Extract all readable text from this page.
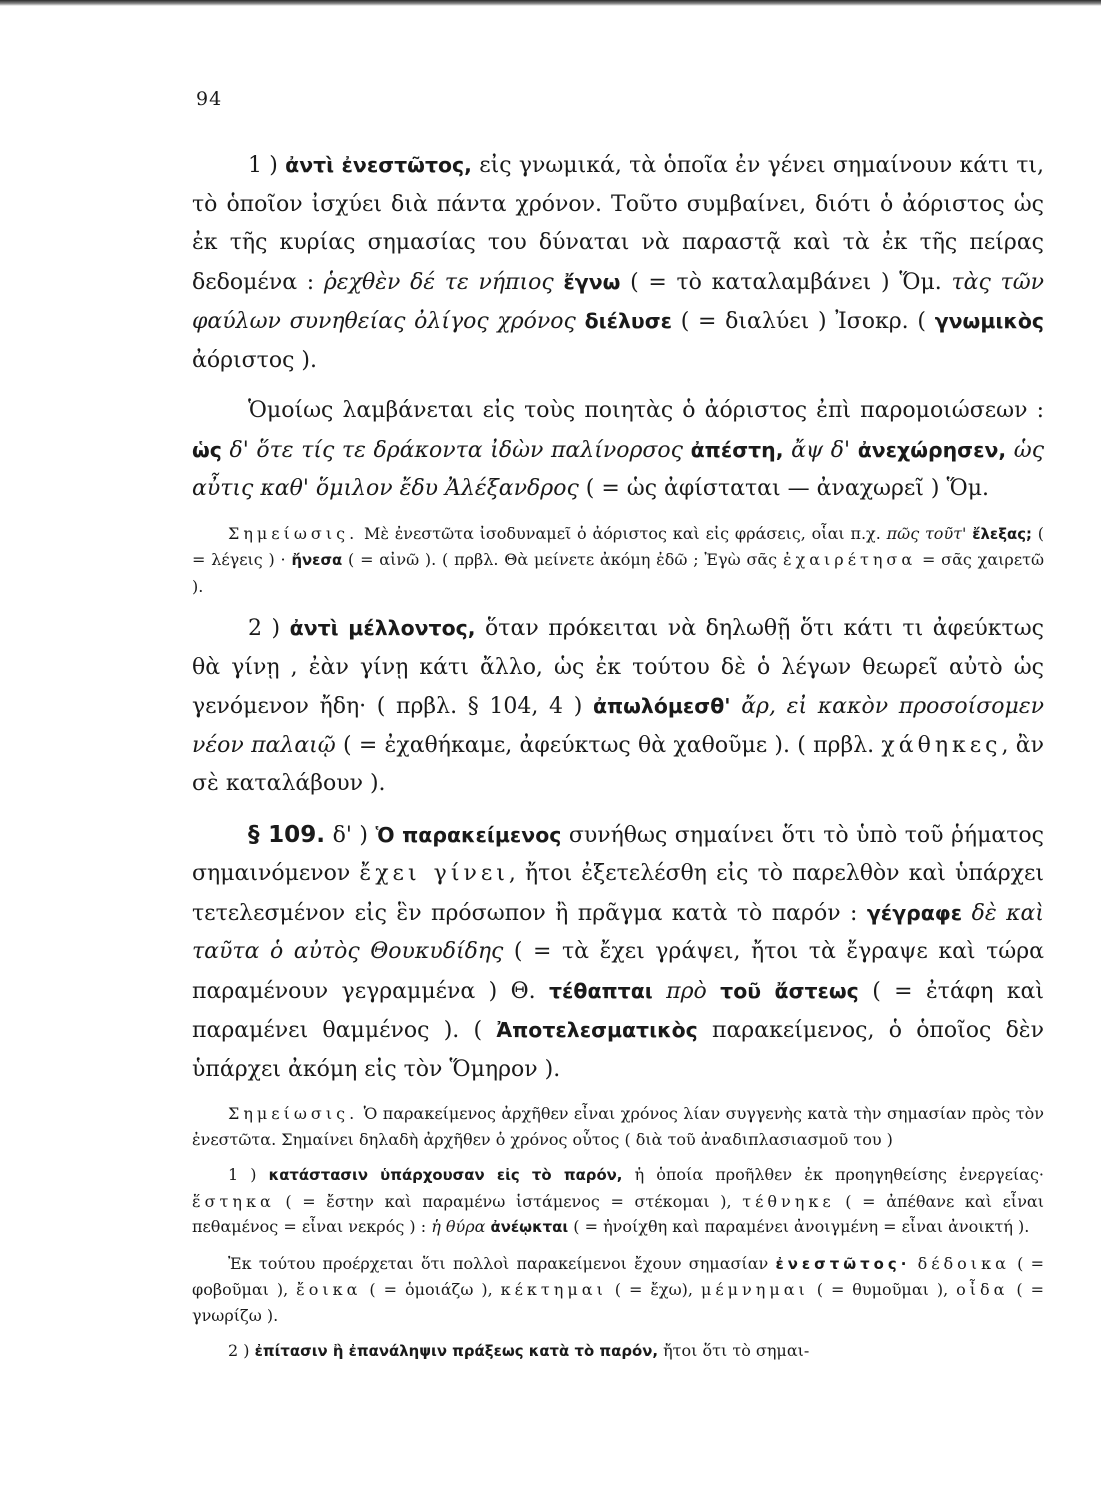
94

1 ) ἀντὶ ἐνεστῶτος, εἰς γνωμικά, τὰ ὁποῖα ἐν γένει σημαίνουν κάτι τι, τὸ ὁποῖον ἰσχύει διὰ πάντα χρόνον. Τοῦτο συμβαίνει, διότι ὁ ἀόριστος ὡς ἐκ τῆς κυρίας σημασίας του δύναται νὰ παραστᾷ καὶ τὰ ἐκ τῆς πείρας δεδομένα : ῥεχθὲν δέ τε νήπιος ἔγνω ( = τὸ καταλαμβάνει ) Ὅμ. τὰς τῶν φαύλων συνηθείας ὀλίγος χρόνος διέλυσε ( = διαλύει ) Ἰσοκρ. ( γνωμικὸς ἀόριστος ).

Ὁμοίως λαμβάνεται εἰς τοὺς ποιητὰς ὁ ἀόριστος ἐπὶ παρομοιώσεων : ὡς δ' ὅτε τίς τε δράκοντα ἰδὼν παλίνορσος ἀπέστη, ἄψ δ' ἀνεχώρησεν, ὡς αὖτις καθ' ὅμιλον ἔδυ Ἀλέξανδρος ( = ὡς ἀφίσταται — ἀναχωρεῖ ) Ὅμ.

Σημείωσις. Μὲ ἐνεστῶτα ἰσοδυναμεῖ ὁ ἀόριστος καὶ εἰς φράσεις, οἷαι π.χ. πῶς τοῦτ' ἔλεξας; ( = λέγεις ) · ἤνεσα ( = αἰνῶ ). ( πρβλ. Θὰ μείνετε ἀκόμη ἐδῶ ; Ἐγὼ σᾶς ἐχαιρέτησα = σᾶς χαιρετῶ ).

2 ) ἀντὶ μέλλοντος, ὅταν πρόκειται νὰ δηλωθῇ ὅτι κάτι τι ἀφεύκτως θὰ γίνῃ , ἐὰν γίνῃ κάτι ἄλλο, ὡς ἐκ τούτου δὲ ὁ λέγων θεωρεῖ αὐτὸ ὡς γενόμενον ἤδη· ( πρβλ. § 104, 4 ) ἀπωλόμεσθ' ἄρ, εἰ κακὸν προσοίσομεν νέον παλαιῷ ( = ἐχαθήκαμε, ἀφεύκτως θὰ χαθοῦμε ). ( πρβλ. χάθηκες, ἂν σὲ καταλάβουν ).

§ 109. δ' ) Ὁ παρακείμενος συνήθως σημαίνει ὅτι τὸ ὑπὸ τοῦ ῥήματος σημαινόμενον ἔχει γίνει, ἤτοι ἐξετελέσθη εἰς τὸ παρελθὸν καὶ ὑπάρχει τετελεσμένον εἰς ἓν πρόσωπον ἢ πρᾶγμα κατὰ τὸ παρόν : γέγραφε δὲ καὶ ταῦτα ὁ αὐτὸς Θουκυδίδης ( = τὰ ἔχει γράψει, ἤτοι τὰ ἔγραψε καὶ τώρα παραμένουν γεγραμμένα ) Θ. τέθαπται πρὸ τοῦ ἄστεως ( = ἐτάφη καὶ παραμένει θαμμένος ). ( Ἀποτελεσματικὸς παρακείμενος, ὁ ὁποῖος δὲν ὑπάρχει ἀκόμη εἰς τὸν Ὅμηρον ).

Σημείωσις. Ὁ παρακείμενος ἀρχῆθεν εἶναι χρόνος λίαν συγγενὴς κατὰ τὴν σημασίαν πρὸς τὸν ἐνεστῶτα. Σημαίνει δηλαδὴ ἀρχῆθεν ὁ χρόνος οὗτος ( διὰ τοῦ ἀναδιπλασιασμοῦ του )

1 ) κατάστασιν ὑπάρχουσαν εἰς τὸ παρόν, ἡ ὁποία προῆλθεν ἐκ προηγηθείσης ἐνεργείας· ἕστηκα ( = ἔστην καὶ παραμένω ἱστάμενος = στέκομαι ), τέθνηκε ( = ἀπέθανε καὶ εἶναι πεθαμένος = εἶναι νεκρός ) : ἡ θύρα ἀνέῳκται ( = ἠνοίχθη καὶ παραμένει ἀνοιγμένη = εἶναι ἀνοικτή ).

Ἐκ τούτου προέρχεται ὅτι πολλοὶ παρακείμενοι ἔχουν σημασίαν ἐνεστῶτος· δέδοικα ( = φοβοῦμαι ), ἔοικα ( = ὁμοιάζω ), κέκτημαι ( = ἔχω), μέμνημαι ( = θυμοῦμαι ), οἶδα ( = γνωρίζω ).

2 ) ἐπίτασιν ἢ ἐπανάληψιν πράξεως κατὰ τὸ παρόν, ἤτοι ὅτι τὸ σημαι-
